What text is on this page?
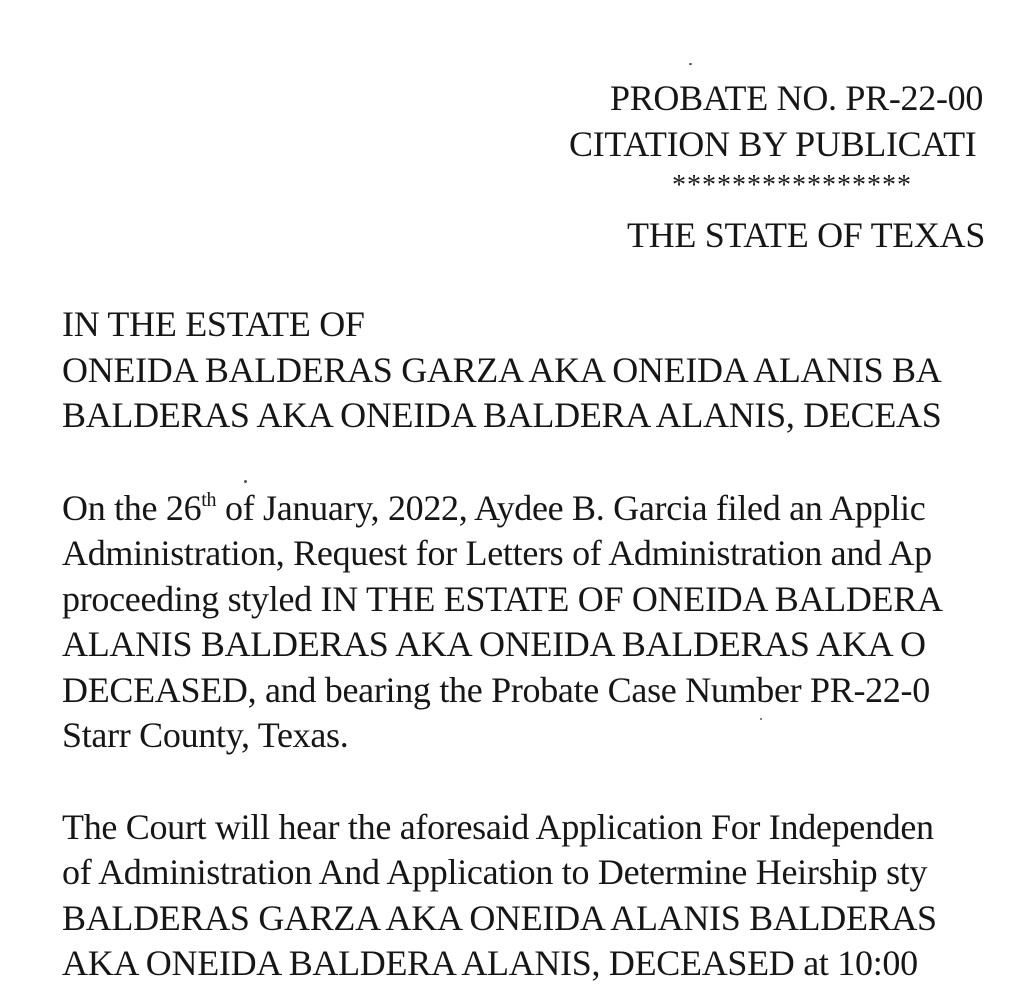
PROBATE NO. PR-22-00
CITATION BY PUBLICATI
****************
THE STATE OF TEXAS
IN THE ESTATE OF
ONEIDA BALDERAS GARZA AKA ONEIDA ALANIS BA
BALDERAS AKA ONEIDA BALDERA ALANIS, DECEAS
On the 26th of January, 2022, Aydee B. Garcia filed an Applic
Administration, Request for Letters of Administration and Ap
proceeding styled IN THE ESTATE OF ONEIDA BALDERA
ALANIS BALDERAS AKA ONEIDA BALDERAS AKA O
DECEASED, and bearing the Probate Case Number PR-22-0
Starr County, Texas.
The Court will hear the aforesaid Application For Independen
of Administration And Application to Determine Heirship sty
BALDERAS GARZA AKA ONEIDA ALANIS BALDERAS
AKA ONEIDA BALDERA ALANIS, DECEASED at 10:00
